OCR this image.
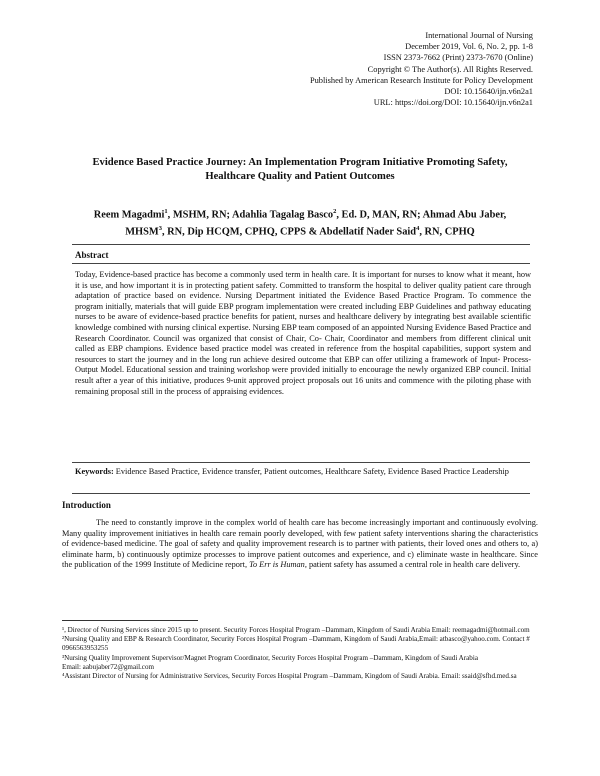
International Journal of Nursing
December 2019, Vol. 6, No. 2, pp. 1-8
ISSN 2373-7662 (Print) 2373-7670 (Online)
Copyright © The Author(s). All Rights Reserved.
Published by American Research Institute for Policy Development
DOI: 10.15640/ijn.v6n2a1
URL: https://doi.org/DOI: 10.15640/ijn.v6n2a1
Evidence Based Practice Journey: An Implementation Program Initiative Promoting Safety,
Healthcare Quality and Patient Outcomes
Reem Magadmi$^1$, MSHM, RN; Adahlia Tagalag Basco$^2$, Ed. D, MAN, RN; Ahmad Abu Jaber,
MHSM$^3$, RN, Dip HCQM, CPHQ, CPPS & Abdellatif Nader Said$^4$, RN, CPHQ
Abstract
Today, Evidence-based practice has become a commonly used term in health care. It is important for nurses to know what it meant, how it is use, and how important it is in protecting patient safety. Committed to transform the hospital to deliver quality patient care through adaptation of practice based on evidence. Nursing Department initiated the Evidence Based Practice Program. To commence the program initially, materials that will guide EBP program implementation were created including EBP Guidelines and pathway educating nurses to be aware of evidence-based practice benefits for patient, nurses and healthcare delivery by integrating best available scientific knowledge combined with nursing clinical expertise. Nursing EBP team composed of an appointed Nursing Evidence Based Practice and Research Coordinator. Council was organized that consist of Chair, Co- Chair, Coordinator and members from different clinical unit called as EBP champions. Evidence based practice model was created in reference from the hospital capabilities, support system and resources to start the journey and in the long run achieve desired outcome that EBP can offer utilizing a framework of Input- Process-Output Model. Educational session and training workshop were provided initially to encourage the newly organized EBP council. Initial result after a year of this initiative, produces 9-unit approved project proposals out 16 units and commence with the piloting phase with remaining proposal still in the process of appraising evidences.
Keywords: Evidence Based Practice, Evidence transfer, Patient outcomes, Healthcare Safety, Evidence Based Practice Leadership
Introduction

The need to constantly improve in the complex world of health care has become increasingly important and continuously evolving. Many quality improvement initiatives in health care remain poorly developed, with few patient safety interventions sharing the characteristics of evidence-based medicine. The goal of safety and quality improvement research is to partner with patients, their loved ones and others to, a) eliminate harm, b) continuously optimize processes to improve patient outcomes and experience, and c) eliminate waste in healthcare. Since the publication of the 1999 Institute of Medicine report, To Err is Human, patient safety has assumed a central role in health care delivery.

¹, Director of Nursing Services since 2015 up to present. Security Forces Hospital Program –Dammam, Kingdom of Saudi Arabia Email: reemagadmi@hotmail.com
²Nursing Quality and EBP & Research Coordinator, Security Forces Hospital Program –Dammam, Kingdom of Saudi Arabia,Email: atbasco@yahoo.com. Contact # 0966563953255
³Nursing Quality Improvement Supervisor/Magnet Program Coordinator, Security Forces Hospital Program –Dammam, Kingdom of Saudi Arabia
Email: aabujaber72@gmail.com
⁴Assistant Director of Nursing for Administrative Services, Security Forces Hospital Program –Dammam, Kingdom of Saudi Arabia. Email: ssaid@sfhd.med.sa
